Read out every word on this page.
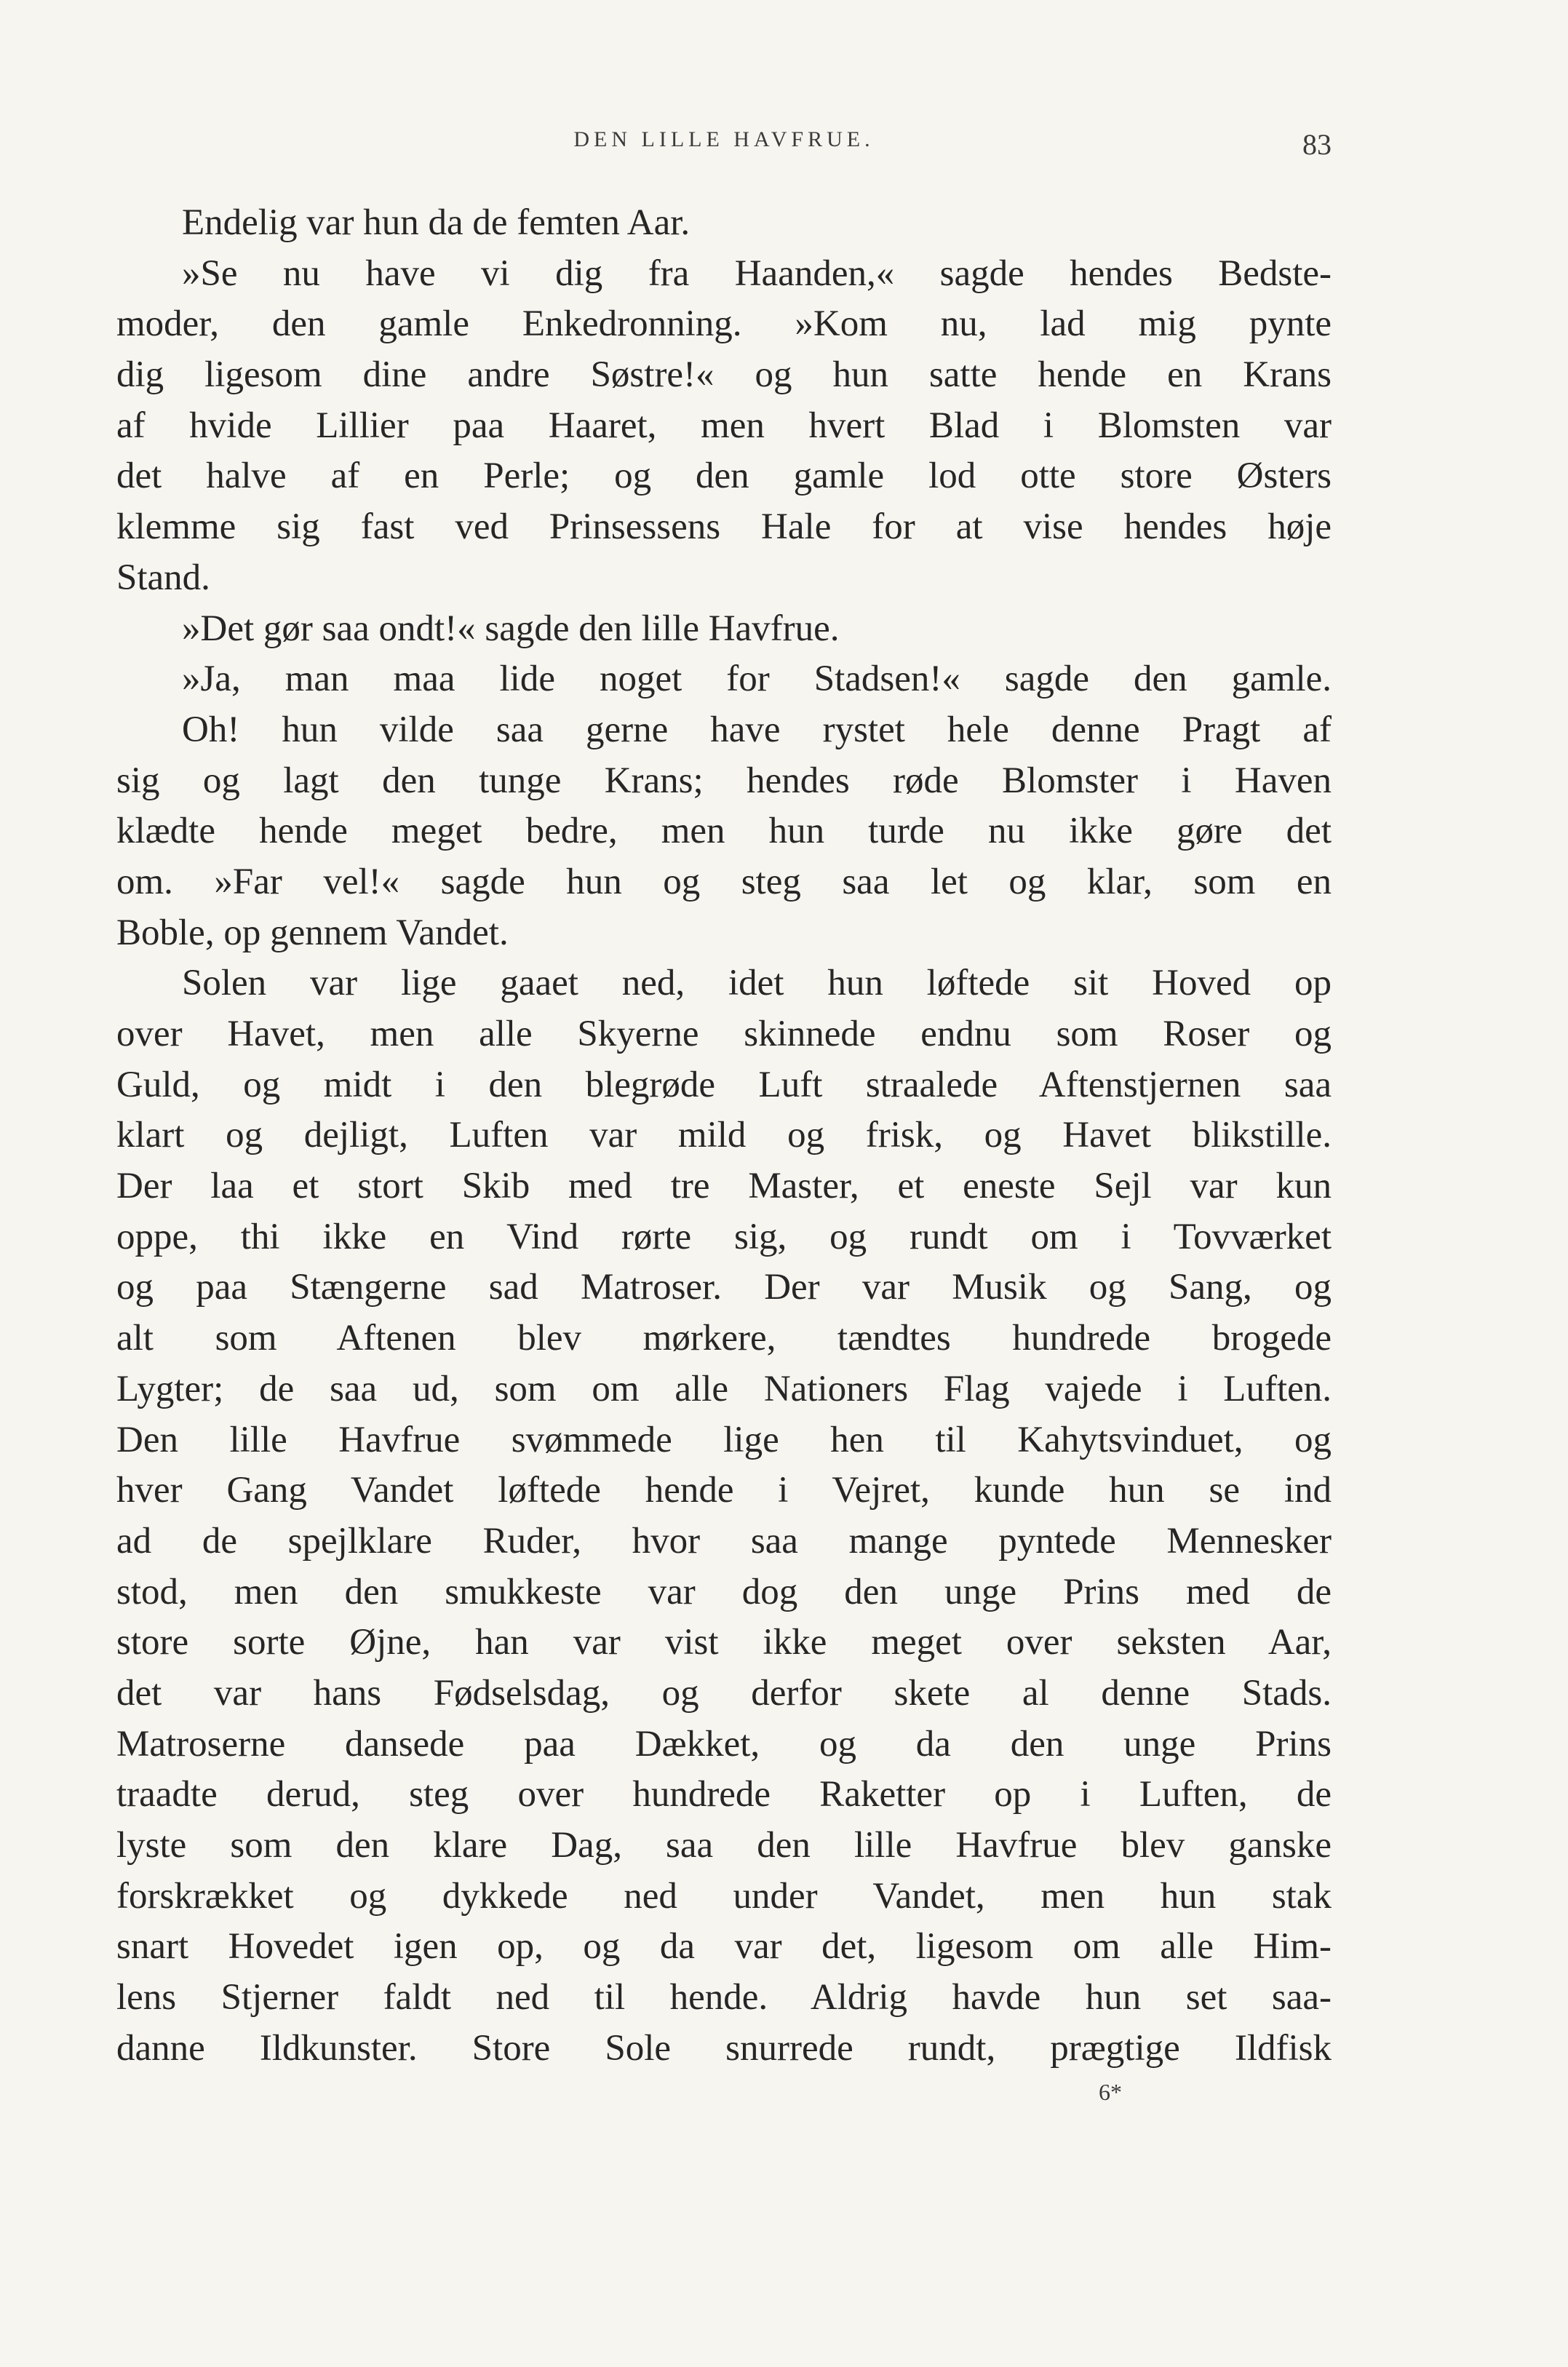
DEN LILLE HAVFRUE.	83
Endelig var hun da de femten Aar.
»Se nu have vi dig fra Haanden,« sagde hendes Bedste-
moder, den gamle Enkedronning. »Kom nu, lad mig pynte
dig ligesom dine andre Søstre!« og hun satte hende en Krans
af hvide Lillier paa Haaret, men hvert Blad i Blomsten var
det halve af en Perle; og den gamle lod otte store Østers
klemme sig fast ved Prinsessens Hale for at vise hendes høje
Stand.
»Det gør saa ondt!« sagde den lille Havfrue.
»Ja, man maa lide noget for Stadsen!« sagde den gamle.
Oh! hun vilde saa gerne have rystet hele denne Pragt af
sig og lagt den tunge Krans; hendes røde Blomster i Haven
klædte hende meget bedre, men hun turde nu ikke gøre det
om. »Far vel!« sagde hun og steg saa let og klar, som en
Boble, op gennem Vandet.
Solen var lige gaaet ned, idet hun løftede sit Hoved op
over Havet, men alle Skyerne skinnede endnu som Roser og
Guld, og midt i den blegrøde Luft straalede Aftenstjernen saa
klart og dejligt, Luften var mild og frisk, og Havet blikstille.
Der laa et stort Skib med tre Master, et eneste Sejl var kun
oppe, thi ikke en Vind rørte sig, og rundt om i Tovværket
og paa Stængerne sad Matroser. Der var Musik og Sang, og
alt som Aftenen blev mørkere, tændtes hundrede brogede
Lygter; de saa ud, som om alle Nationers Flag vajede i Luften.
Den lille Havfrue svømmede lige hen til Kahytsvinduet, og
hver Gang Vandet løftede hende i Vejret, kunde hun se ind
ad de spejlklare Ruder, hvor saa mange pyntede Mennesker
stod, men den smukkeste var dog den unge Prins med de
store sorte Øjne, han var vist ikke meget over seksten Aar,
det var hans Fødselsdag, og derfor skete al denne Stads.
Matroserne dansede paa Dækket, og da den unge Prins
traadte derud, steg over hundrede Raketter op i Luften, de
lyste som den klare Dag, saa den lille Havfrue blev ganske
forskrækket og dykkede ned under Vandet, men hun stak
snart Hovedet igen op, og da var det, ligesom om alle Him-
lens Stjerner faldt ned til hende. Aldrig havde hun set saa-
danne Ildkunster. Store Sole snurrede rundt, prægtige Ildfisk
6*
